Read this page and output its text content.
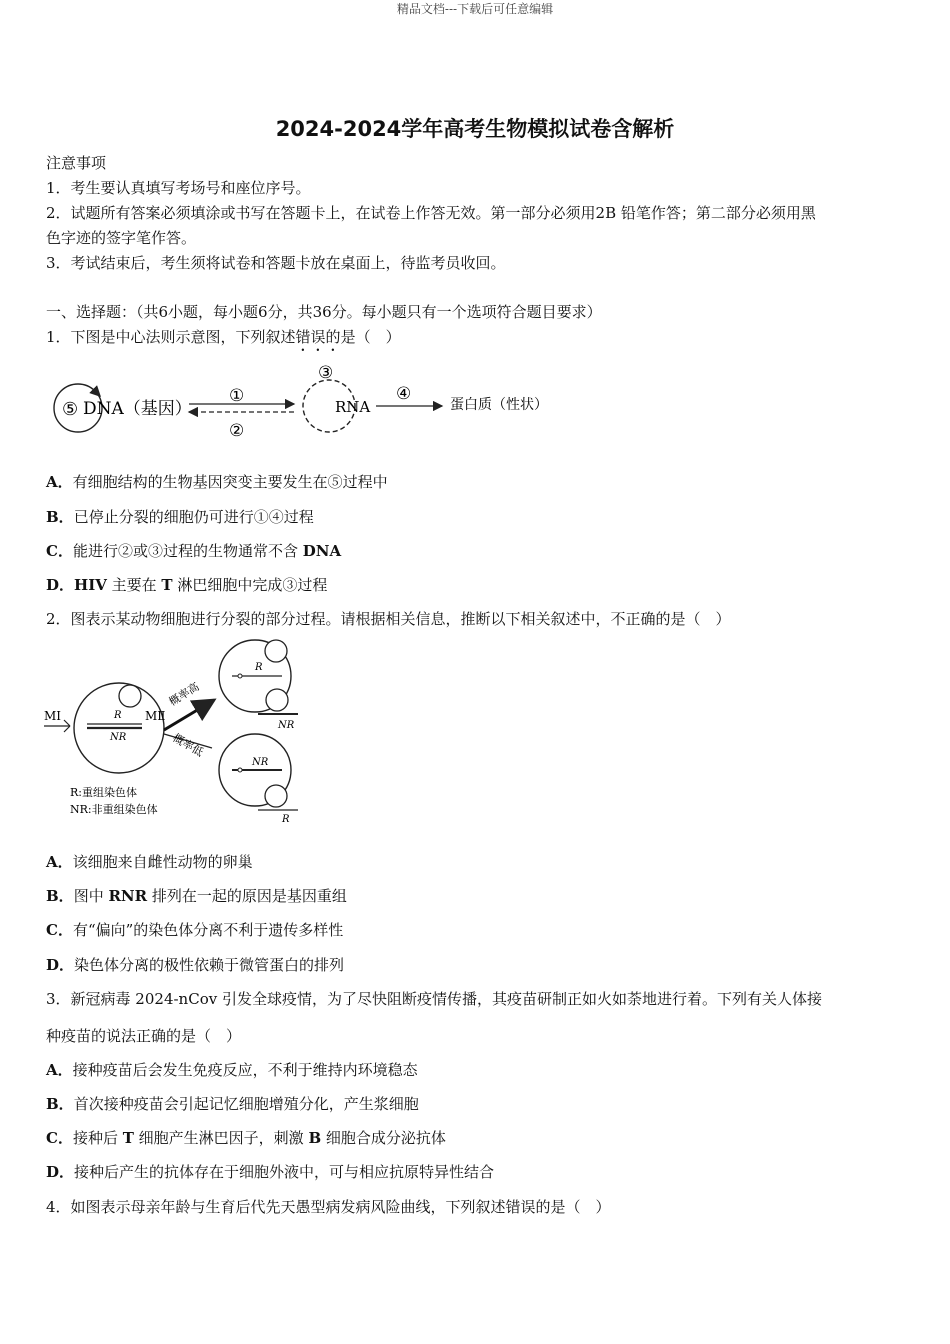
精品文档---下载后可任意编辑
2024-2024学年高考生物模拟试卷含解析
注意事项
1．考生要认真填写考场号和座位序号。
2．试题所有答案必须填涂或书写在答题卡上，在试卷上作答无效。第一部分必须用2B 铅笔作答；第二部分必须用黑
色字迹的签字笔作答。
3．考试结束后，考生须将试卷和答题卡放在桌面上，待监考员收回。
一、选择题：（共6小题，每小题6分，共36分。每小题只有一个选项符合题目要求）
1．下图是中心法则示意图，下列叙述错误的是（　）
⑤ DNA（基因）
①
②
③
RNA
④
蛋白质（性状）
A．有细胞结构的生物基因突变主要发生在⑤过程中
B．已停止分裂的细胞仍可进行①④过程
C．能进行②或③过程的生物通常不含 DNA
D．HIV 主要在 T 淋巴细胞中完成③过程
2．图表示某动物细胞进行分裂的部分过程。请根据相关信息，推断以下相关叙述中，不正确的是（　）
MⅠ	R
NR
MⅡ
概率高
概率低
R
NR
NR
R
R:重组染色体
NR:非重组染色体
A．该细胞来自雌性动物的卵巢
B．图中 RNR 排列在一起的原因是基因重组
C．有“偏向”的染色体分离不利于遗传多样性
D．染色体分离的极性依赖于微管蛋白的排列
3．新冠病毒 2024-nCov 引发全球疫情，为了尽快阻断疫情传播，其疫苗研制正如火如荼地进行着。下列有关人体接
种疫苗的说法正确的是（　）
A．接种疫苗后会发生免疫反应，不利于维持内环境稳态
B．首次接种疫苗会引起记忆细胞增殖分化，产生浆细胞
C．接种后 T 细胞产生淋巴因子，刺激 B 细胞合成分泌抗体
D．接种后产生的抗体存在于细胞外液中，可与相应抗原特异性结合
4．如图表示母亲年龄与生育后代先天愚型病发病风险曲线，下列叙述错误的是（　）
